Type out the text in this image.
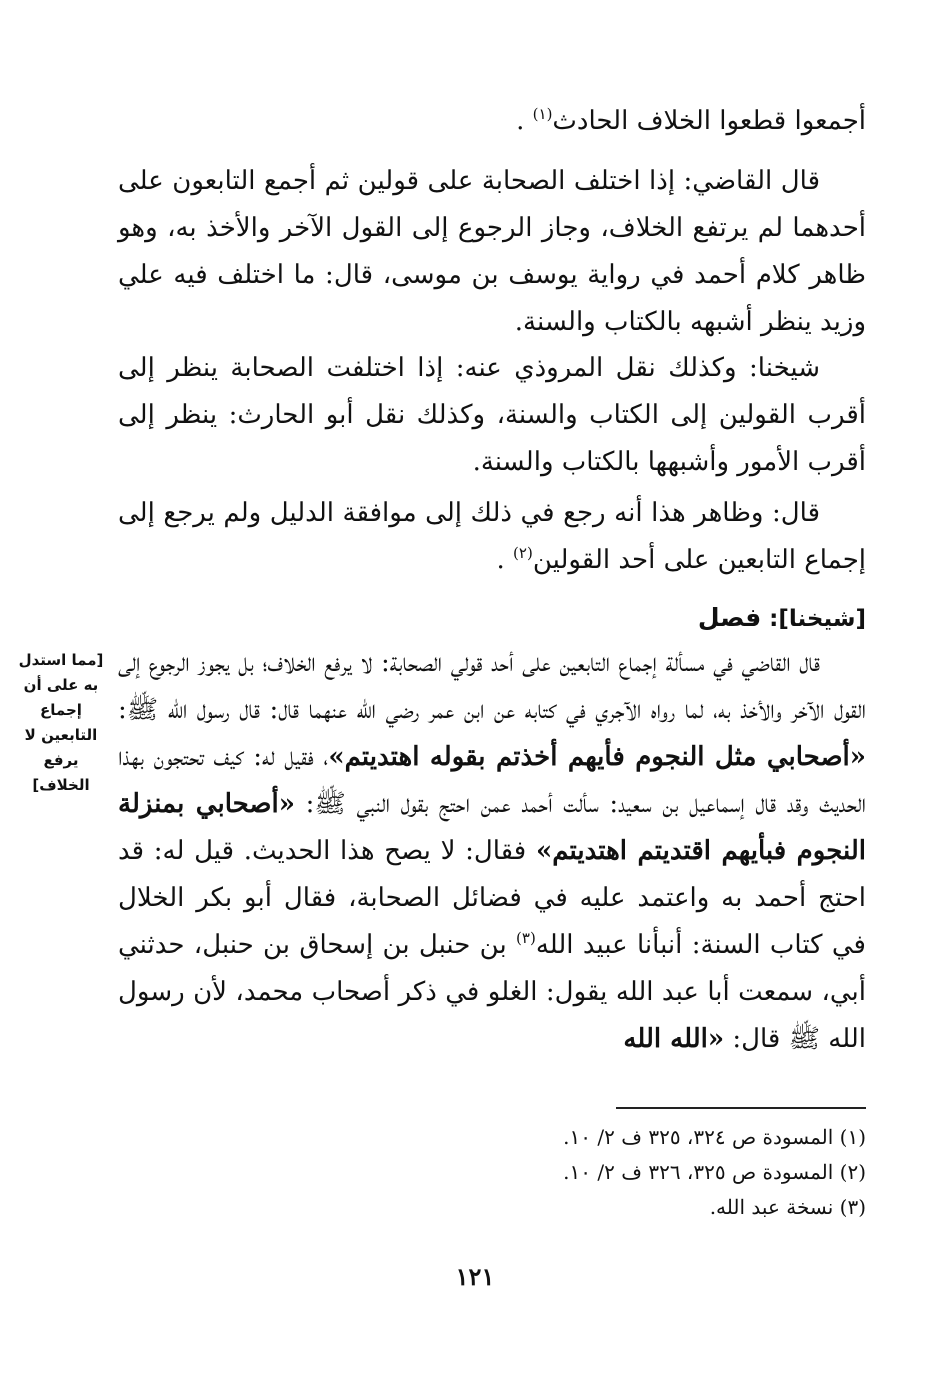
أجمعوا قطعوا الخلاف الحادث$^{(١)}$ .

قال القاضي: إذا اختلف الصحابة على قولين ثم أجمع التابعون على أحدهما لم يرتفع الخلاف، وجاز الرجوع إلى القول الآخر والأخذ به، وهو ظاهر كلام أحمد في رواية يوسف بن موسى، قال: ما اختلف فيه علي وزيد ينظر أشبهه بالكتاب والسنة.

شيخنا: وكذلك نقل المروذي عنه: إذا اختلفت الصحابة ينظر إلى أقرب القولين إلى الكتاب والسنة، وكذلك نقل أبو الحارث: ينظر إلى أقرب الأمور وأشبهها بالكتاب والسنة.

قال: وظاهر هذا أنه رجع في ذلك إلى موافقة الدليل ولم يرجع إلى إجماع التابعين على أحد القولين$^{(٢)}$ .

[شيخنا]: فصل

قال القاضي في مسألة إجماع التابعين على أحد قولي الصحابة: لا يرفع الخلاف؛ بل يجوز الرجوع إلى القول الآخر والأخذ به، لما رواه الآجري في كتابه عن ابن عمر رضي الله عنهما قال: قال رسول الله ﷺ: «أصحابي مثل النجوم فأيهم أخذتم بقوله اهتديتم»، فقيل له: كيف تحتجون بهذا الحديث وقد قال إسماعيل بن سعيد: سألت أحمد عمن احتج بقول النبي ﷺ: «أصحابي بمنزلة النجوم فبأيهم اقتديتم اهتديتم» فقال: لا يصح هذا الحديث. قيل له: قد احتج أحمد به واعتمد عليه في فضائل الصحابة، فقال أبو بكر الخلال في كتاب السنة: أنبأنا عبيد الله$^{(٣)}$ بن حنبل بن إسحاق بن حنبل، حدثني أبي، سمعت أبا عبد الله يقول: الغلو في ذكر أصحاب محمد، لأن رسول الله ﷺ قال: «الله الله

[مما استدل به على أن إجماع التابعين لا يرفع الخلاف]

(١) المسودة ص ٣٢٤، ٣٢٥ ف ٢/ ١٠.

(٢) المسودة ص ٣٢٥، ٣٢٦ ف ٢/ ١٠.

(٣) نسخة عبد الله.

١٢١
